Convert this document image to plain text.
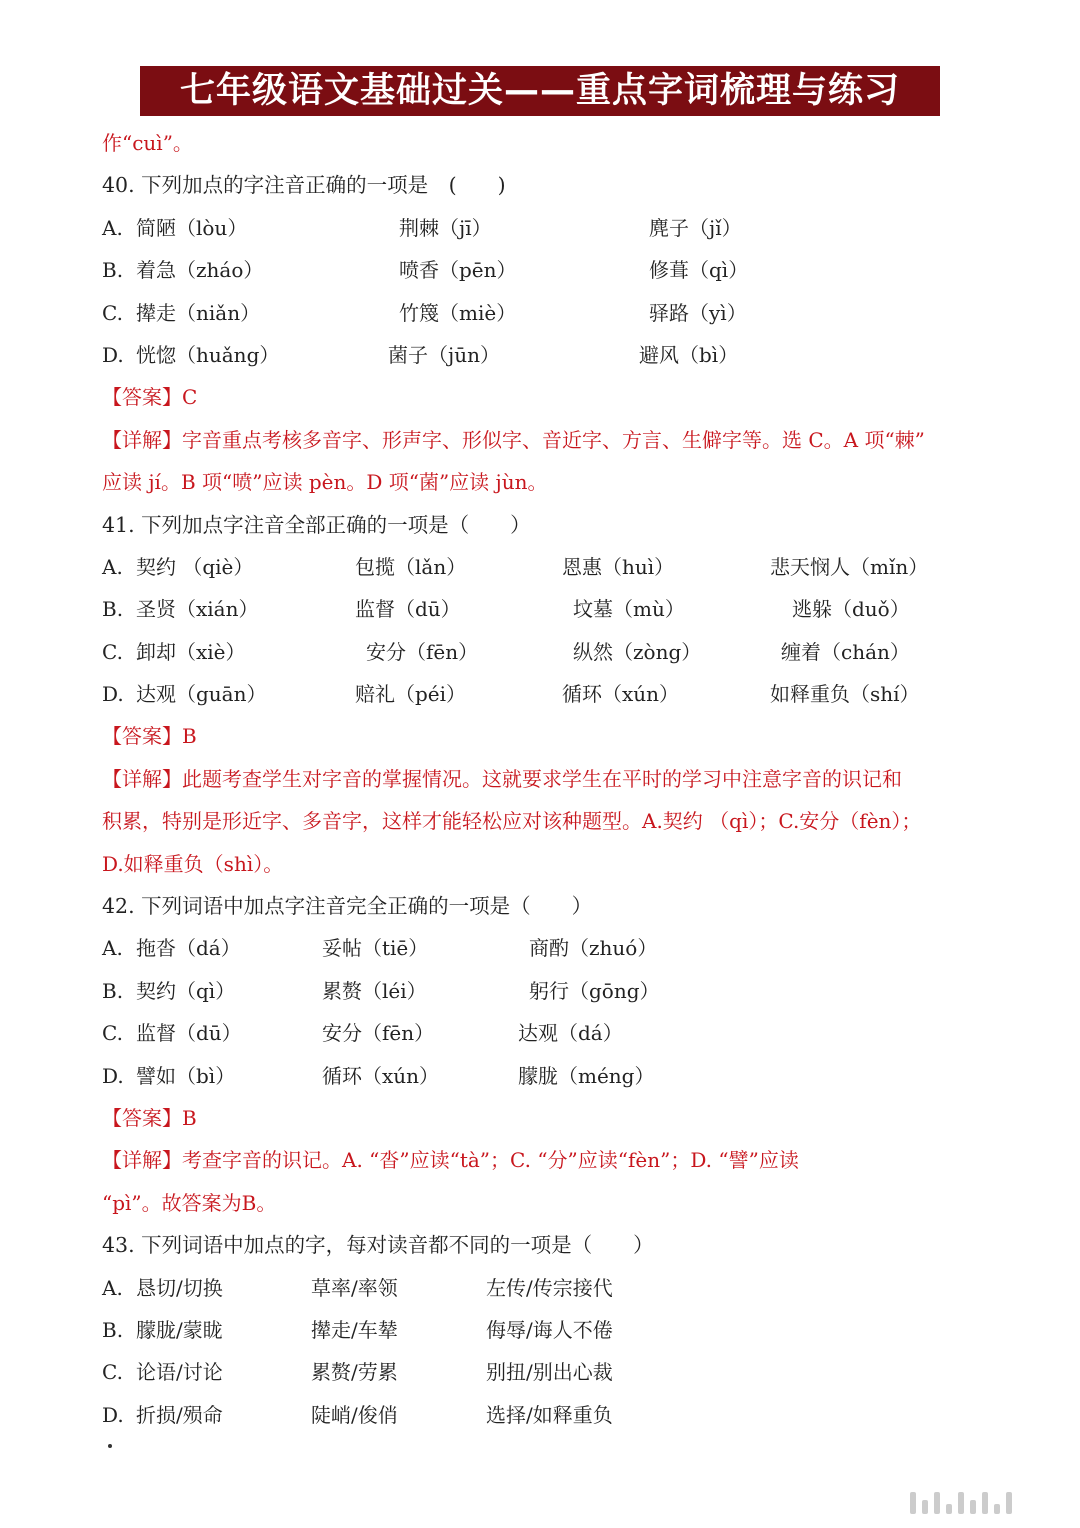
七年级语文基础过关——重点字词梳理与练习
作“cuì”。
40. 下列加点的字注音正确的一项是　(　　)
A. 简陋（lòu）	荆棘（jī）	麂子（jǐ）
B. 着急（zháo）	喷香（pēn）	修葺（qì）
C. 撵走（niǎn）	竹篾（miè）	驿路（yì）
D. 恍惚（huǎng）	菌子（jūn）	避风（bì）
【答案】C
【详解】字音重点考核多音字、形声字、形似字、音近字、方言、生僻字等。选 C。A 项“棘”
应读 jí。B 项“喷”应读 pèn。D 项“菌”应读 jùn。
41. 下列加点字注音全部正确的一项是（　　）
A. 契约 （qiè）	包揽（lǎn）	恩惠（huì）	悲天悯人（mǐn）
B. 圣贤（xián）	监督（dū）	坟墓（mù）	逃躲（duǒ）
C. 卸却（xiè）	安分（fēn）	纵然（zòng）	缠着（chán）
D. 达观（guān）	赔礼（péi）	循环（xún）	如释重负（shí）
【答案】B
【详解】此题考查学生对字音的掌握情况。这就要求学生在平时的学习中注意字音的识记和
积累，特别是形近字、多音字，这样才能轻松应对该种题型。A.契约 （qì）；C.安分（fèn）；
D.如释重负（shì）。
42. 下列词语中加点字注音完全正确的一项是（　　）
A. 拖沓（dá）	妥帖（tiē）	商酌（zhuó）
B. 契约（qì）	累赘（léi）	躬行（gōng）
C. 监督（dū）	安分（fēn）	达观（dá）
D. 譬如（bì）	循环（xún）	朦胧（méng）
【答案】B
【详解】考查字音的识记。A. “沓”应读“tà”；C. “分”应读“fèn”；D. “譬”应读
“pì”。故答案为B。
43. 下列词语中加点的字，每对读音都不同的一项是（　　）
A. 恳切/切换	草率/率领	左传/传宗接代
B. 朦胧/蒙眬	撵走/车辇	侮辱/诲人不倦
C. 论语/讨论	累赘/劳累	别扭/别出心裁
D. 折损/殒命	陡峭/俊俏	选择/如释重负
